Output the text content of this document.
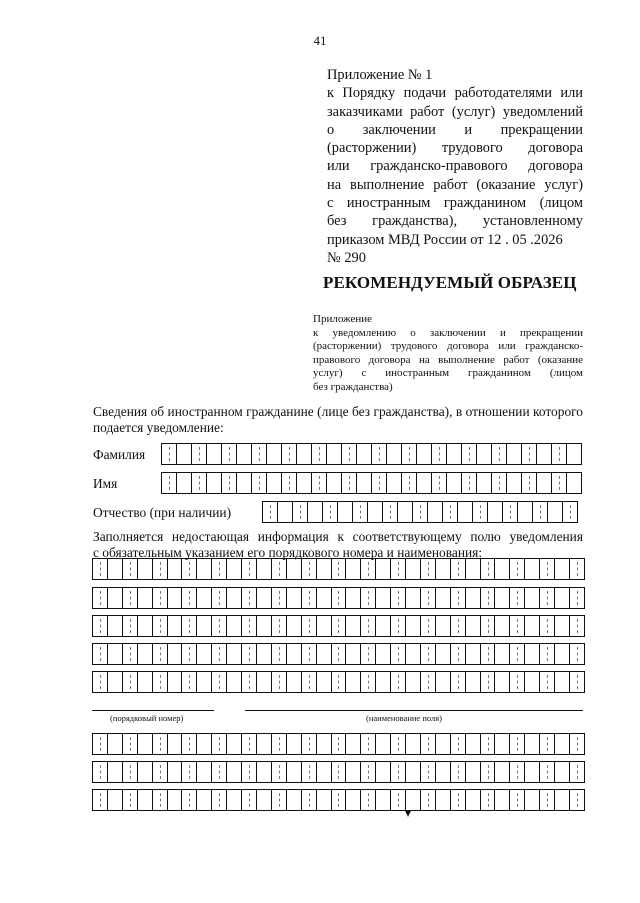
41
Приложение № 1
к Порядку подачи работодателями или
заказчиками работ (услуг) уведомлений
о заключении и прекращении
(расторжении) трудового договора
или гражданско-правового договора
на выполнение работ (оказание услуг)
с иностранным гражданином (лицом
без гражданства), установленному
приказом МВД России от 12 . 05 .2026
№ 290
РЕКОМЕНДУЕМЫЙ ОБРАЗЕЦ
Приложение
к уведомлению о заключении и прекращении
(расторжении) трудового договора или гражданско-
правового договора на выполнение работ (оказание
услуг) с иностранным гражданином (лицом
без гражданства)
Сведения об иностранном гражданине (лице без гражданства), в отношении которого
подается уведомление:
Фамилия
Имя
Отчество (при наличии)
Заполняется недостающая информация к соответствующему полю уведомления
с обязательным указанием его порядкового номера и наименования:
(порядковый номер)	(наименование поля)
▾
